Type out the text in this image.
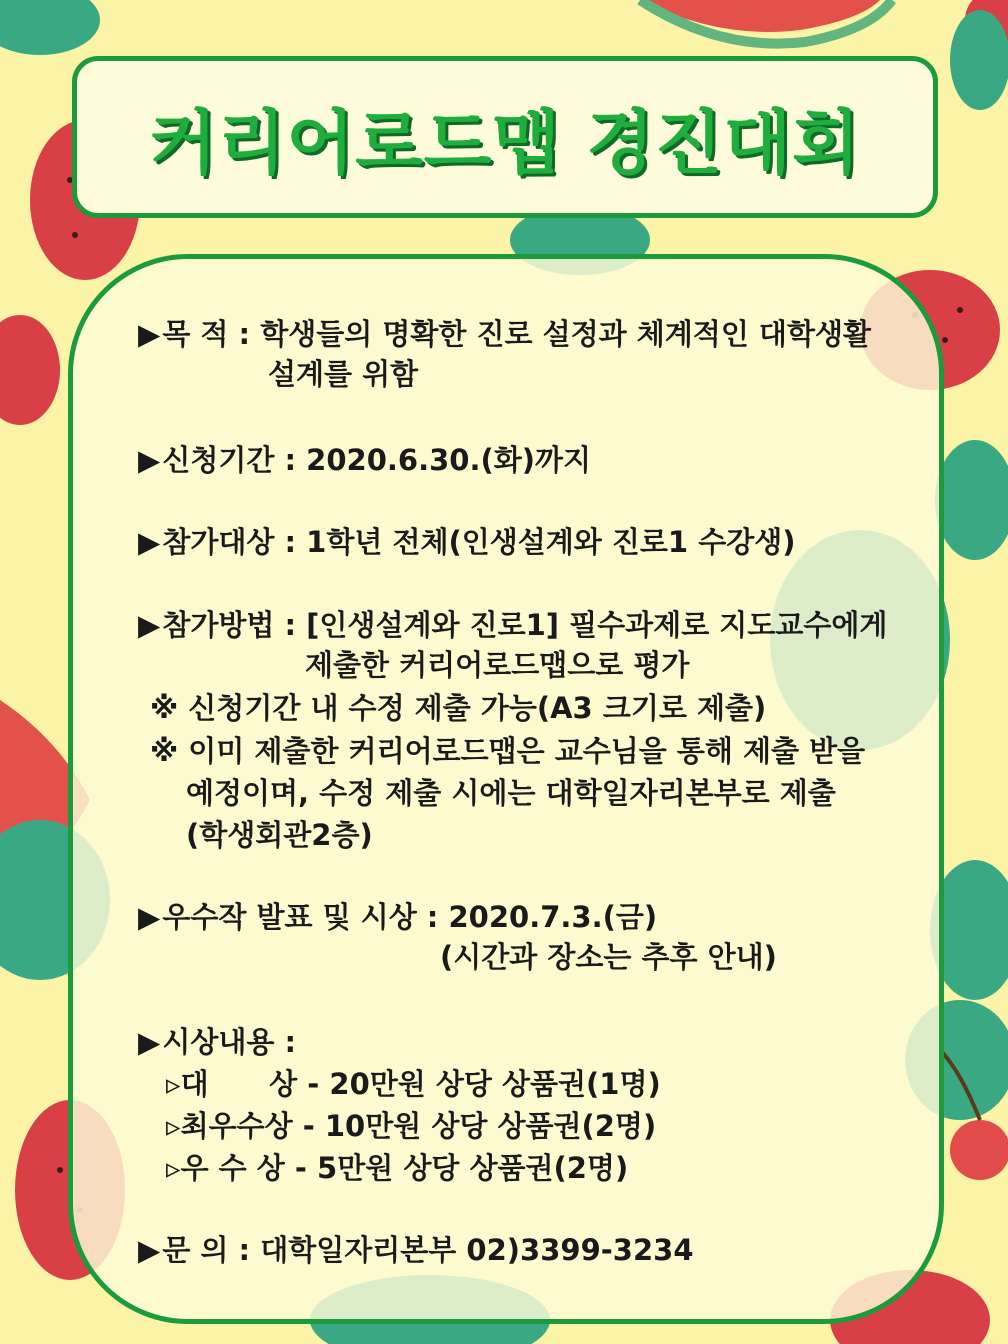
커리어로드맵 경진대회
▶목 적 : 학생들의 명확한 진로 설정과 체계적인 대학생활
설계를 위함
▶신청기간 : 2020.6.30.(화)까지
▶참가대상 : 1학년 전체(인생설계와 진로1 수강생)
▶참가방법 : [인생설계와 진로1] 필수과제로 지도교수에게
제출한 커리어로드맵으로 평가
※ 신청기간 내 수정 제출 가능(A3 크기로 제출)
※ 이미 제출한 커리어로드맵은 교수님을 통해 제출 받을
예정이며, 수정 제출 시에는 대학일자리본부로 제출
(학생회관2층)
▶우수작 발표 및 시상 : 2020.7.3.(금)
(시간과 장소는 추후 안내)
▶시상내용 :
▹대      상 - 20만원 상당 상품권(1명)
▹최우수상 - 10만원 상당 상품권(2명)
▹우 수 상 - 5만원 상당 상품권(2명)
▶문 의 : 대학일자리본부 02)3399-3234
